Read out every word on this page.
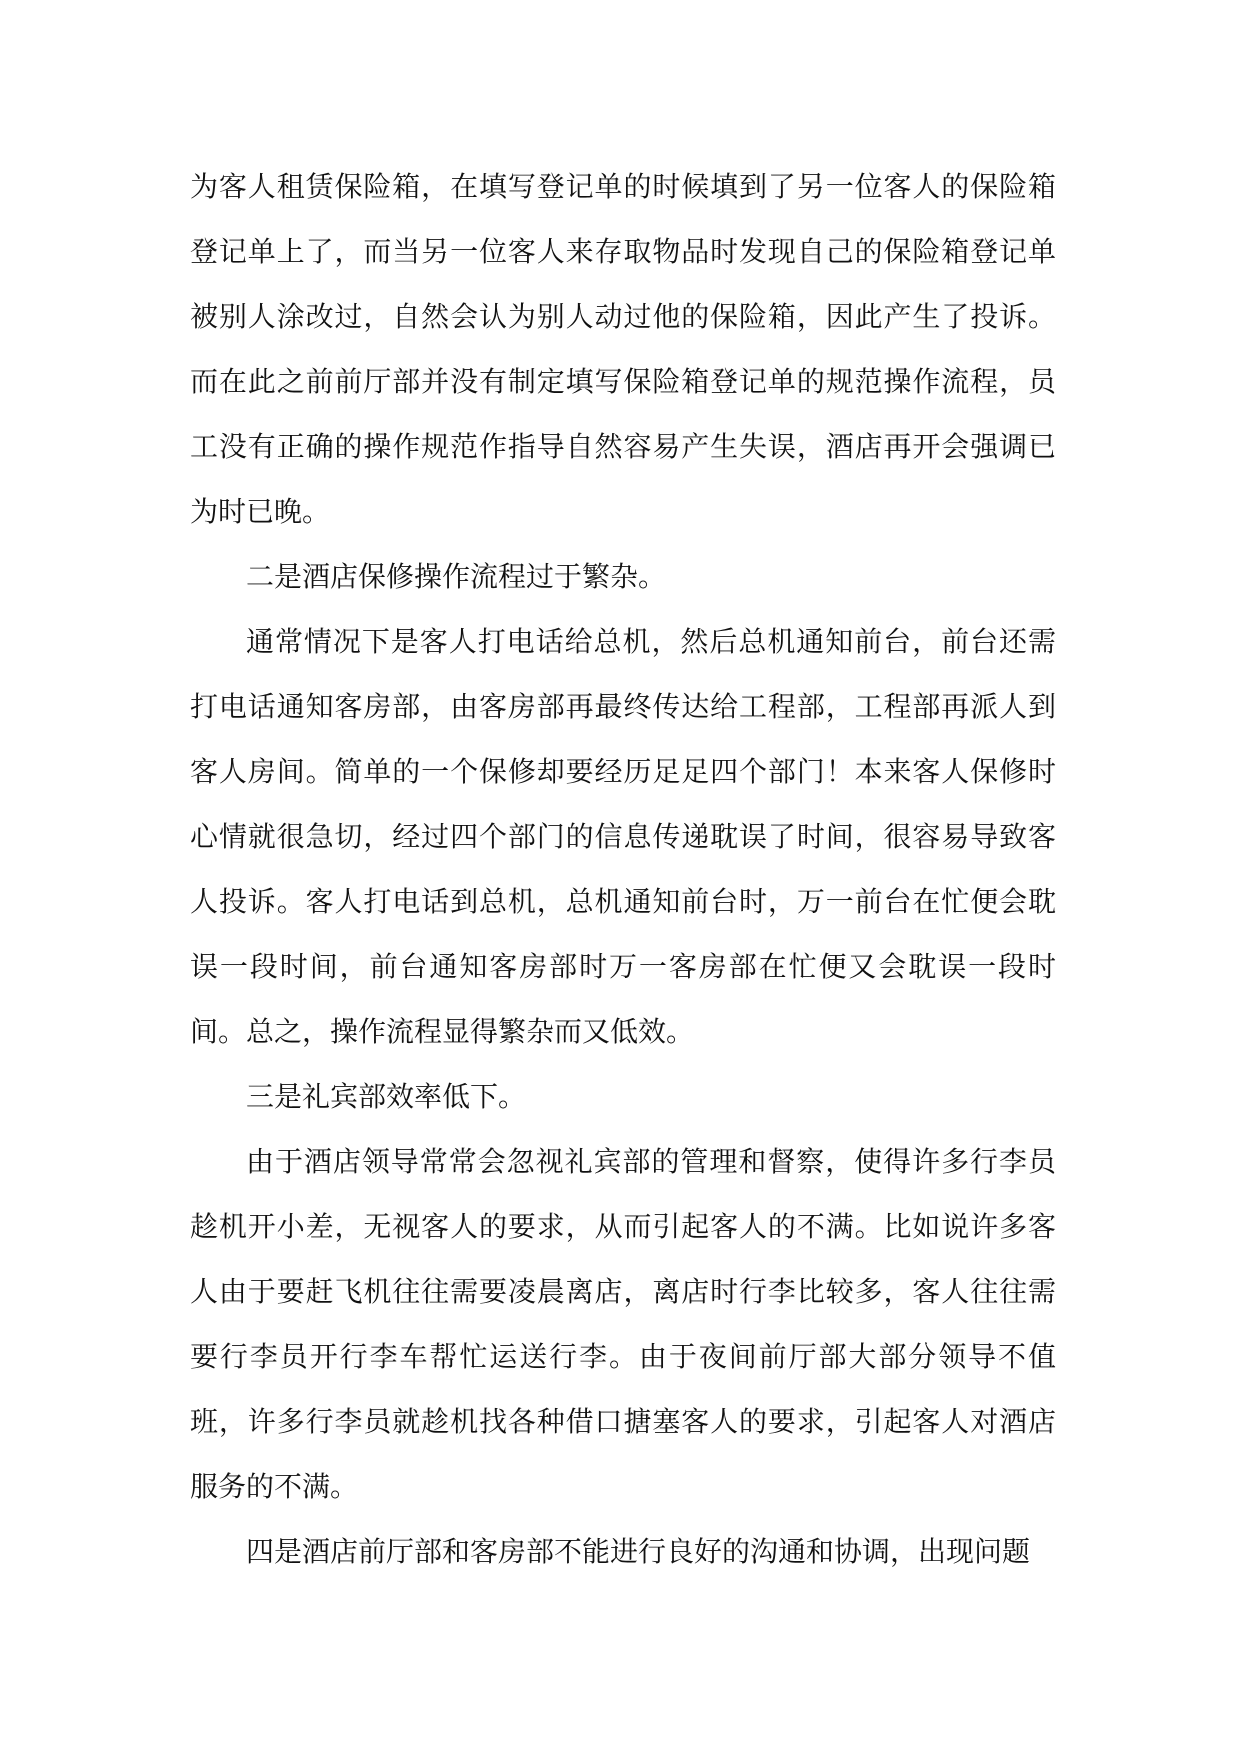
为客人租赁保险箱，在填写登记单的时候填到了另一位客人的保险箱登记单上了，而当另一位客人来存取物品时发现自己的保险箱登记单被别人涂改过，自然会认为别人动过他的保险箱，因此产生了投诉。而在此之前前厅部并没有制定填写保险箱登记单的规范操作流程，员工没有正确的操作规范作指导自然容易产生失误，酒店再开会强调已为时已晚。

二是酒店保修操作流程过于繁杂。

通常情况下是客人打电话给总机，然后总机通知前台，前台还需打电话通知客房部，由客房部再最终传达给工程部，工程部再派人到客人房间。简单的一个保修却要经历足足四个部门！本来客人保修时心情就很急切，经过四个部门的信息传递耽误了时间，很容易导致客人投诉。客人打电话到总机，总机通知前台时，万一前台在忙便会耽误一段时间，前台通知客房部时万一客房部在忙便又会耽误一段时间。总之，操作流程显得繁杂而又低效。

三是礼宾部效率低下。

由于酒店领导常常会忽视礼宾部的管理和督察，使得许多行李员趁机开小差，无视客人的要求，从而引起客人的不满。比如说许多客人由于要赶飞机往往需要凌晨离店，离店时行李比较多，客人往往需要行李员开行李车帮忙运送行李。由于夜间前厅部大部分领导不值班，许多行李员就趁机找各种借口搪塞客人的要求，引起客人对酒店服务的不满。

四是酒店前厅部和客房部不能进行良好的沟通和协调，出现问题
